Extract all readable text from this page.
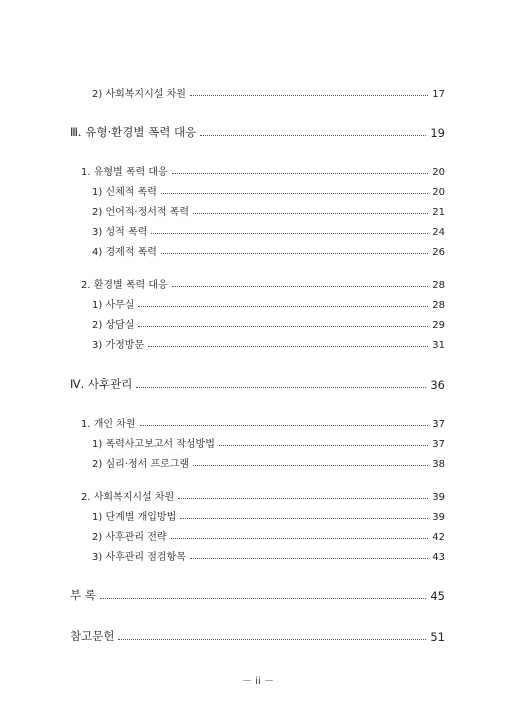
2) 사회복지시설 차원	17
Ⅲ. 유형·환경별 폭력 대응	19
1. 유형별 폭력 대응	20
1) 신체적 폭력	20
2) 언어적·정서적 폭력	21
3) 성적 폭력	24
4) 경제적 폭력	26
2. 환경별 폭력 대응	28
1) 사무실	28
2) 상담실	29
3) 가정방문	31
Ⅳ. 사후관리	36
1. 개인 차원	37
1) 폭력사고보고서 작성방법	37
2) 심리·정서 프로그램	38
2. 사회복지시설 차원	39
1) 단계별 개입방법	39
2) 사후관리 전략	42
3) 사후관리 점검항목	43
부 록	45
참고문헌	51
－ ii －
